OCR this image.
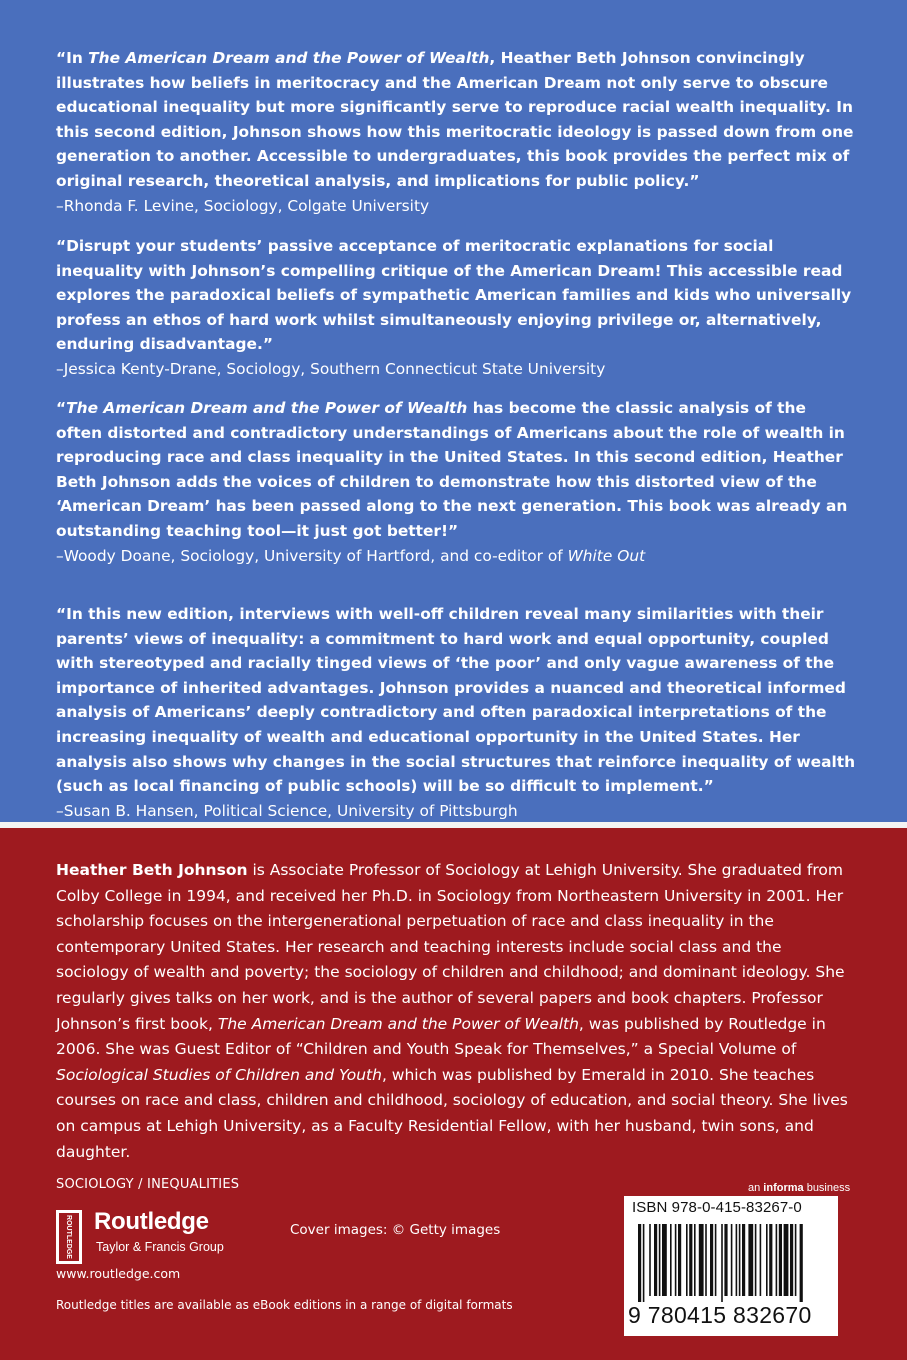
“In The American Dream and the Power of Wealth, Heather Beth Johnson convincingly illustrates how beliefs in meritocracy and the American Dream not only serve to obscure educational inequality but more significantly serve to reproduce racial wealth inequality. In this second edition, Johnson shows how this meritocratic ideology is passed down from one generation to another. Accessible to undergraduates, this book provides the perfect mix of original research, theoretical analysis, and implications for public policy.”
–Rhonda F. Levine, Sociology, Colgate University
“Disrupt your students’ passive acceptance of meritocratic explanations for social inequality with Johnson’s compelling critique of the American Dream! This accessible read explores the paradoxical beliefs of sympathetic American families and kids who universally profess an ethos of hard work whilst simultaneously enjoying privilege or, alternatively, enduring disadvantage.”
–Jessica Kenty-Drane, Sociology, Southern Connecticut State University
“The American Dream and the Power of Wealth has become the classic analysis of the often distorted and contradictory understandings of Americans about the role of wealth in reproducing race and class inequality in the United States. In this second edition, Heather Beth Johnson adds the voices of children to demonstrate how this distorted view of the ‘American Dream’ has been passed along to the next generation. This book was already an outstanding teaching tool—it just got better!”
–Woody Doane, Sociology, University of Hartford, and co-editor of White Out
“In this new edition, interviews with well-off children reveal many similarities with their parents’ views of inequality: a commitment to hard work and equal opportunity, coupled with stereotyped and racially tinged views of ‘the poor’ and only vague awareness of the importance of inherited advantages. Johnson provides a nuanced and theoretical informed analysis of Americans’ deeply contradictory and often paradoxical interpretations of the increasing inequality of wealth and educational opportunity in the United States. Her analysis also shows why changes in the social structures that reinforce inequality of wealth (such as local financing of public schools) will be so difficult to implement.”
–Susan B. Hansen, Political Science, University of Pittsburgh
Heather Beth Johnson is Associate Professor of Sociology at Lehigh University. She graduated from Colby College in 1994, and received her Ph.D. in Sociology from Northeastern University in 2001. Her scholarship focuses on the intergenerational perpetuation of race and class inequality in the contemporary United States. Her research and teaching interests include social class and the sociology of wealth and poverty; the sociology of children and childhood; and dominant ideology. She regularly gives talks on her work, and is the author of several papers and book chapters. Professor Johnson’s first book, The American Dream and the Power of Wealth, was published by Routledge in 2006. She was Guest Editor of “Children and Youth Speak for Themselves,” a Special Volume of Sociological Studies of Children and Youth, which was published by Emerald in 2010. She teaches courses on race and class, children and childhood, sociology of education, and social theory. She lives on campus at Lehigh University, as a Faculty Residential Fellow, with her husband, twin sons, and daughter.
SOCIOLOGY / INEQUALITIES
ROUTLEDGE Routledge
Taylor & Francis Group
www.routledge.com
Routledge titles are available as eBook editions in a range of digital formats
Cover images: © Getty images
an informa business
ISBN 978-0-415-83267-0
9 780415 832670
